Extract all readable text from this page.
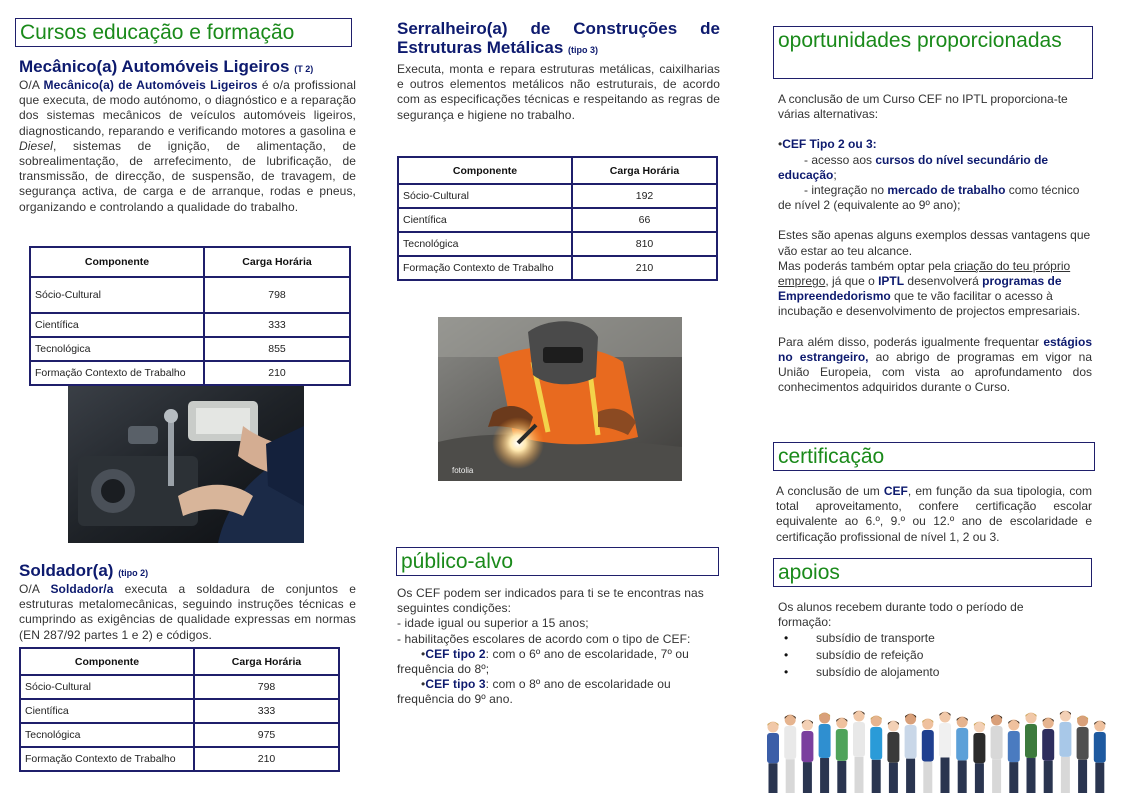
Cursos educação e formação
Mecânico(a) Automóveis Ligeiros (T 2)
O/A Mecânico(a) de Automóveis Ligeiros é o/a profissional que executa, de modo autónomo, o diagnóstico e a reparação dos sistemas mecânicos de veículos automóveis ligeiros, diagnosticando, reparando e verificando motores a gasolina e Diesel, sistemas de ignição, de alimentação, de sobrealimentação, de arrefecimento, de lubrificação, de transmissão, de direcção, de suspensão, de travagem, de segurança activa, de carga e de arranque, rodas e pneus, organizando e controlando a qualidade do trabalho.
Componente	Carga Horária
Sócio-Cultural	798
Científica	333
Tecnológica	855
Formação Contexto de Trabalho	210
Soldador(a) (tipo 2)
O/A Soldador/a executa a soldadura de conjuntos e estruturas metalomecânicas, seguindo instruções técnicas e cumprindo as exigências de qualidade expressas em normas (EN 287/92 partes 1 e 2) e códigos.
Componente	Carga Horária
Sócio-Cultural	798
Científica	333
Tecnológica	975
Formação Contexto de Trabalho	210
Serralheiro(a) de Construções de
Estruturas Metálicas (tipo 3)
Executa, monta e repara estruturas metálicas, caixilharias e outros elementos metálicos não estruturais, de acordo com as especificações técnicas e respeitando as regras de segurança e higiene no trabalho.
Componente	Carga Horária
Sócio-Cultural	192
Científica	66
Tecnológica	810
Formação Contexto de Trabalho	210
fotolia
público-alvo
Os CEF podem ser indicados para ti se te encontras nas seguintes condições:
- idade igual ou superior a 15 anos;
- habilitações escolares de acordo com o tipo de CEF:
•CEF tipo 2: com o 6º ano de escolaridade, 7º ou frequência do 8º;
•CEF tipo 3: com o 8º ano de escolaridade ou frequência do 9º ano.
oportunidades proporcionadas
A conclusão de um Curso CEF no IPTL proporciona-te várias alternativas:
•CEF Tipo 2 ou 3:
- acesso aos cursos do nível secundário de educação;
- integração no mercado de trabalho como técnico de nível 2 (equivalente ao 9º ano);
Estes são apenas alguns exemplos dessas vantagens que vão estar ao teu alcance.
Mas poderás também optar pela criação do teu próprio emprego, já que o IPTL desenvolverá programas de Empreendedorismo que te vão facilitar o acesso à incubação e desenvolvimento de projectos empresariais.
Para além disso, poderás igualmente frequentar estágios no estrangeiro, ao abrigo de programas em vigor na União Europeia, com vista ao aprofundamento dos conhecimentos adquiridos durante o Curso.
certificação
A conclusão de um CEF, em função da sua tipologia, com total aproveitamento, confere certificação escolar equivalente ao 6.º, 9.º ou 12.º ano de escolaridade e certificação profissional de nível 1, 2 ou 3.
apoios
Os alunos recebem durante todo o período de formação:
• subsídio de transporte
• subsídio de refeição
• subsídio de alojamento
